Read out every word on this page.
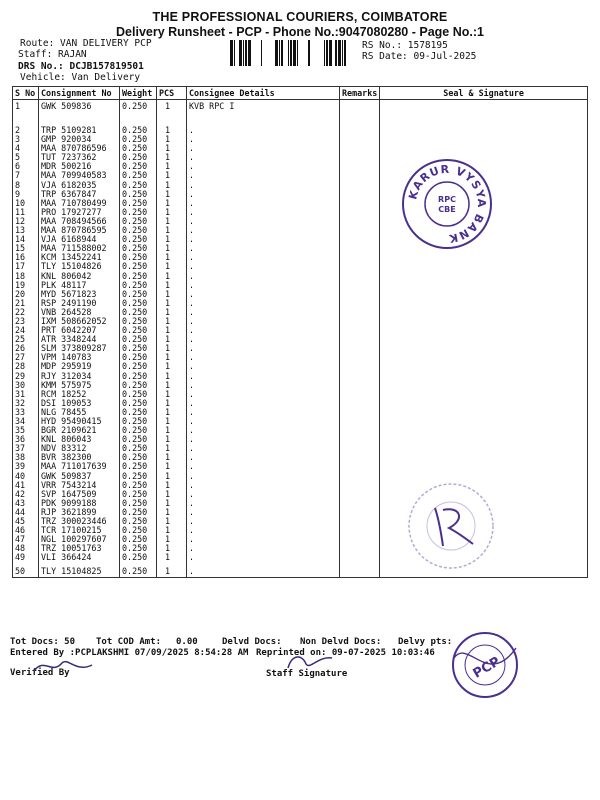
THE PROFESSIONAL COURIERS, COIMBATORE
Delivery Runsheet - PCP - Phone No.:9047080280 - Page No.:1
Route: VAN DELIVERY PCP
Staff: RAJAN
DRS No.: DCJB157819501
Vehicle: Van Delivery
RS No.: 1578195
RS Date: 09-Jul-2025
S No	Consignment No	Weight	PCS	Consignee Details	Remarks	Seal & Signature
1	GWK 509836	0.250	1	KVB RPC I		

2	TRP 5109281	0.250	1	.		
3	GMP 920034	0.250	1	.		
4	MAA 870786596	0.250	1	.		
5	TUT 7237362	0.250	1	.		
6	MDR 500216	0.250	1	.		
7	MAA 709940583	0.250	1	.		
8	VJA 6182035	0.250	1	.		
9	TRP 6367847	0.250	1	.		
10	MAA 710780499	0.250	1	.		
11	PRO 17927277	0.250	1	.		
12	MAA 708494566	0.250	1	.		
13	MAA 870786595	0.250	1	.		
14	VJA 6168944	0.250	1	.		
15	MAA 711588002	0.250	1	.		
16	KCM 13452241	0.250	1	.		
17	TLY 15104826	0.250	1	.		
18	KNL 806042	0.250	1	.		
19	PLK 48117	0.250	1	.		
20	MYD 5671823	0.250	1	.		
21	RSP 2491190	0.250	1	.		
22	VNB 264528	0.250	1	.		
23	IXM 508662052	0.250	1	.		
24	PRT 6042207	0.250	1	.		
25	ATR 3348244	0.250	1	.		
26	SLM 373809287	0.250	1	.		
27	VPM 140783	0.250	1	.		
28	MDP 295919	0.250	1	.		
29	RJY 312034	0.250	1	.		
30	KMM 575975	0.250	1	.		
31	RCM 18252	0.250	1	.		
32	DSI 109053	0.250	1	.		
33	NLG 78455	0.250	1	.		
34	HYD 95490415	0.250	1	.		
35	BGR 2109621	0.250	1	.		
36	KNL 806043	0.250	1	.		
37	NDV 83312	0.250	1	.		
38	BVR 382300	0.250	1	.		
39	MAA 711017639	0.250	1	.		
40	GWK 509837	0.250	1	.		
41	VRR 7543214	0.250	1	.		
42	SVP 1647509	0.250	1	.		
43	PDK 9099188	0.250	1	.		
44	RJP 3621899	0.250	1	.		
45	TRZ 300023446	0.250	1	.		
46	TCR 17100215	0.250	1	.		
47	NGL 100297607	0.250	1	.		
48	TRZ 10051763	0.250	1	.		
49	VLI 366424	0.250	1	.		
50	TLY 15104825	0.250	1	.		
KARUR VYSYA BANK
RPC
CBE
Tot Docs: 50 Tot COD Amt: 0.00	Delvd Docs: Non Delvd Docs: Delvy pts:
Entered By :PCPLAKSHMI 07/09/2025 8:54:28 AM Reprinted on: 09-07-2025 10:03:46
Verified By	Staff Signature	PCP
